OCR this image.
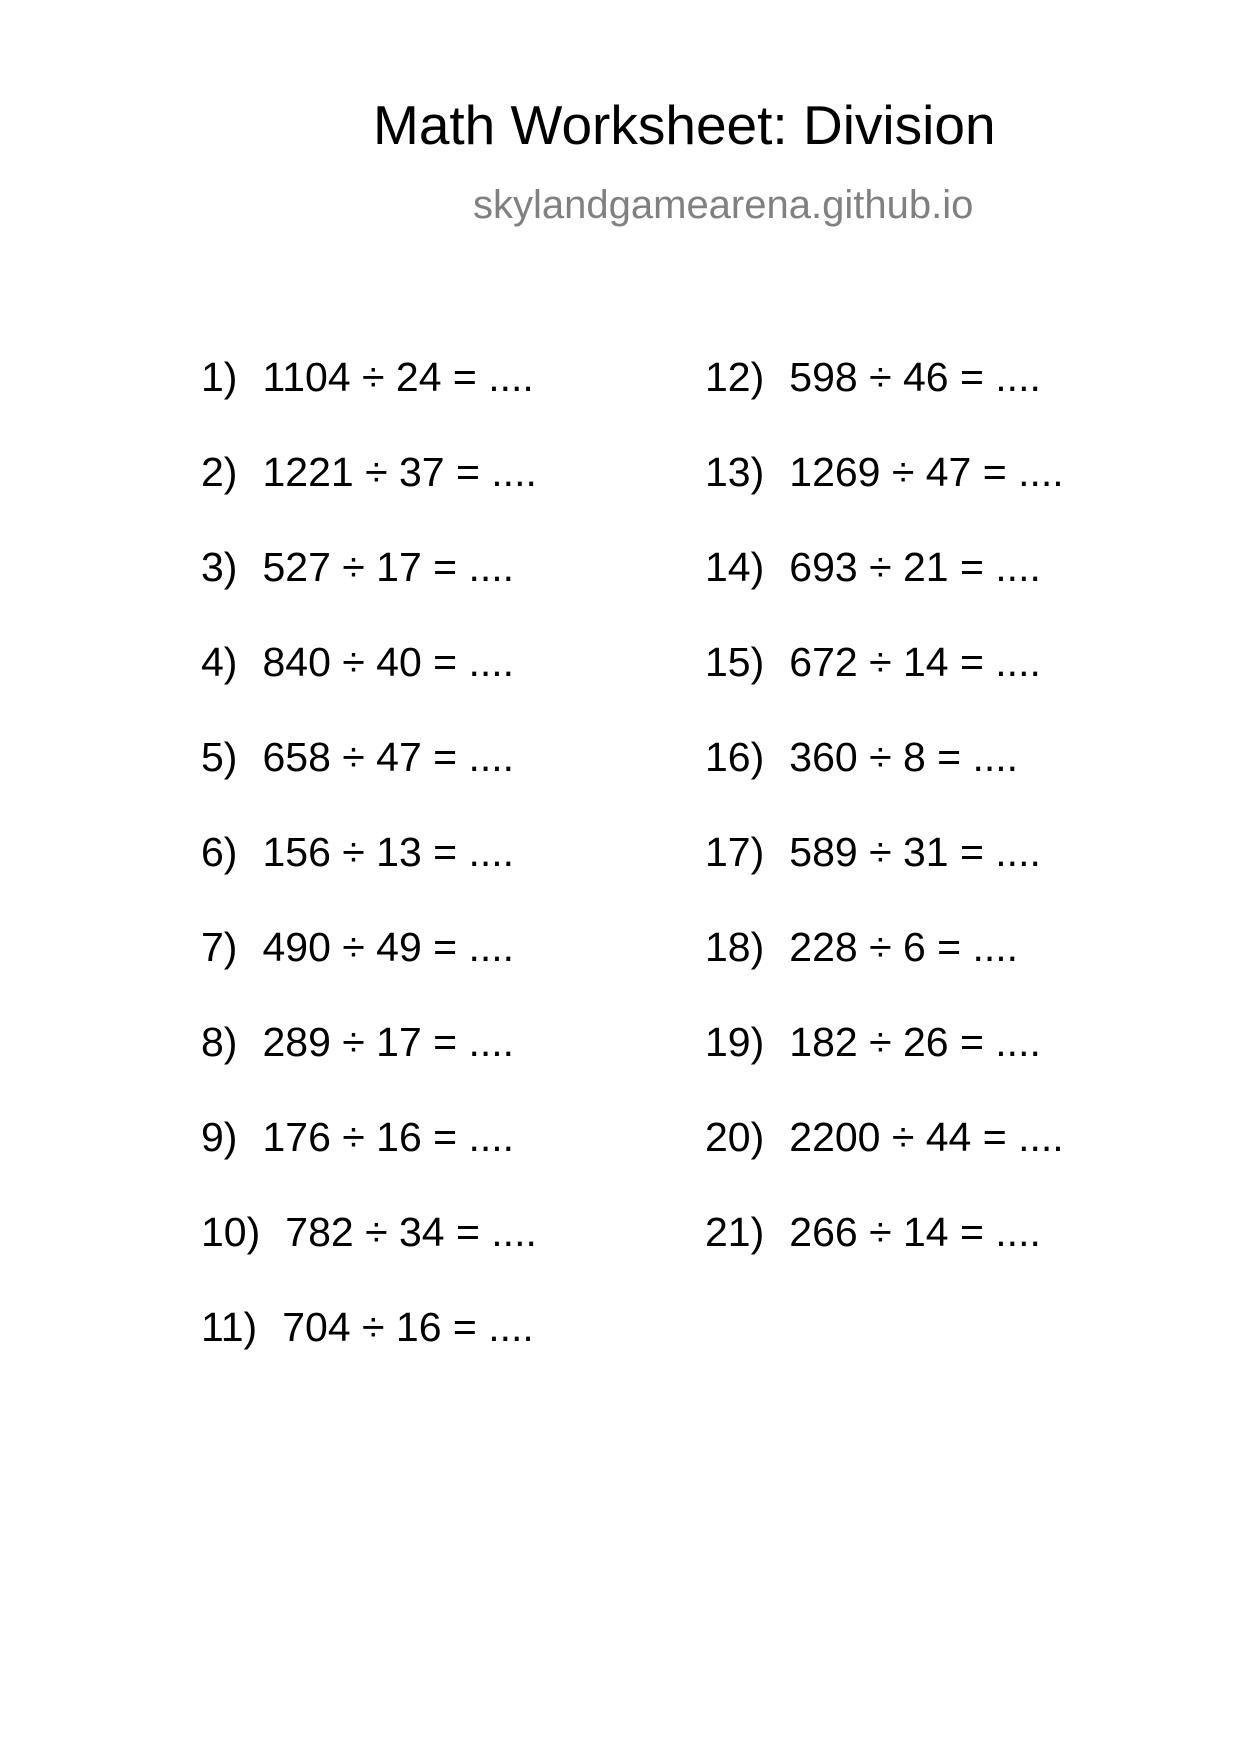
Math Worksheet: Division
skylandgamearena.github.io
1) 1104 ÷ 24 = ....
2) 1221 ÷ 37 = ....
3) 527 ÷ 17 = ....
4) 840 ÷ 40 = ....
5) 658 ÷ 47 = ....
6) 156 ÷ 13 = ....
7) 490 ÷ 49 = ....
8) 289 ÷ 17 = ....
9) 176 ÷ 16 = ....
10) 782 ÷ 34 = ....
11) 704 ÷ 16 = ....
12) 598 ÷ 46 = ....
13) 1269 ÷ 47 = ....
14) 693 ÷ 21 = ....
15) 672 ÷ 14 = ....
16) 360 ÷ 8 = ....
17) 589 ÷ 31 = ....
18) 228 ÷ 6 = ....
19) 182 ÷ 26 = ....
20) 2200 ÷ 44 = ....
21) 266 ÷ 14 = ....
